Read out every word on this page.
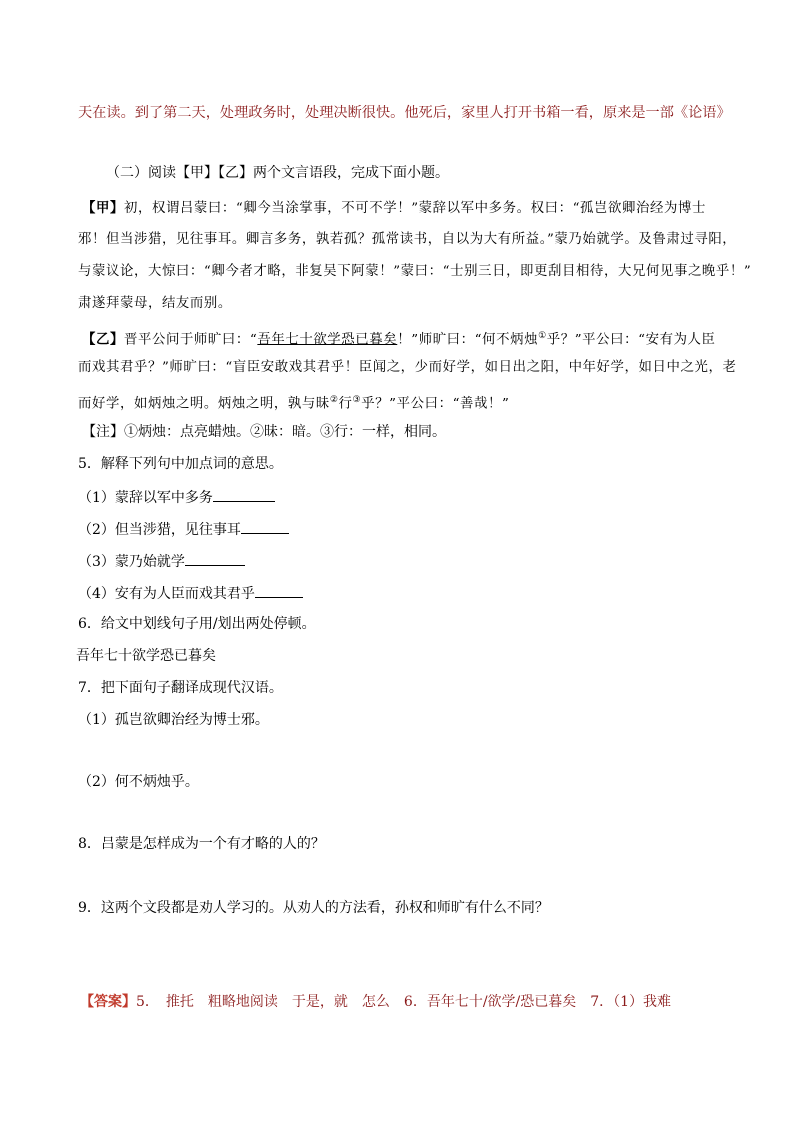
天在读。到了第二天，处理政务时，处理决断很快。他死后，家里人打开书箱一看，原来是一部《论语》
（二）阅读【甲】【乙】两个文言语段，完成下面小题。
【甲】初，权谓吕蒙曰：“卿今当涂掌事，不可不学！”蒙辞以军中多务。权曰：“孤岂欲卿治经为博士
邪！但当涉猎，见往事耳。卿言多务，孰若孤？孤常读书，自以为大有所益。”蒙乃始就学。及鲁肃过寻阳，
与蒙议论，大惊曰：“卿今者才略，非复吴下阿蒙！”蒙曰：“士别三日，即更刮目相待，大兄何见事之晚乎！”
肃遂拜蒙母，结友而别。
【乙】晋平公问于师旷曰：“吾年七十欲学恐已暮矣！”师旷曰：“何不炳烛①乎？”平公曰：“安有为人臣
而戏其君乎？”师旷曰：“盲臣安敢戏其君乎！臣闻之，少而好学，如日出之阳，中年好学，如日中之光，老
而好学，如炳烛之明。炳烛之明，孰与昧②行③乎？”平公曰：“善哉！”
【注】①炳烛：点亮蜡烛。②昧：暗。③行：一样，相同。
5．解释下列句中加点词的意思。
（1）蒙辞以军中多务
（2）但当涉猎，见往事耳
（3）蒙乃始就学
（4）安有为人臣而戏其君乎
6．给文中划线句子用/划出两处停顿。
吾年七十欲学恐已暮矣
7．把下面句子翻译成现代汉语。
（1）孤岂欲卿治经为博士邪。
（2）何不炳烛乎。
8．吕蒙是怎样成为一个有才略的人的？
9．这两个文段都是劝人学习的。从劝人的方法看，孙权和师旷有什么不同？
【答案】5．　推托　粗略地阅读　于是，就　怎么　6．吾年七十/欲学/恐已暮矣　7．（1）我难
